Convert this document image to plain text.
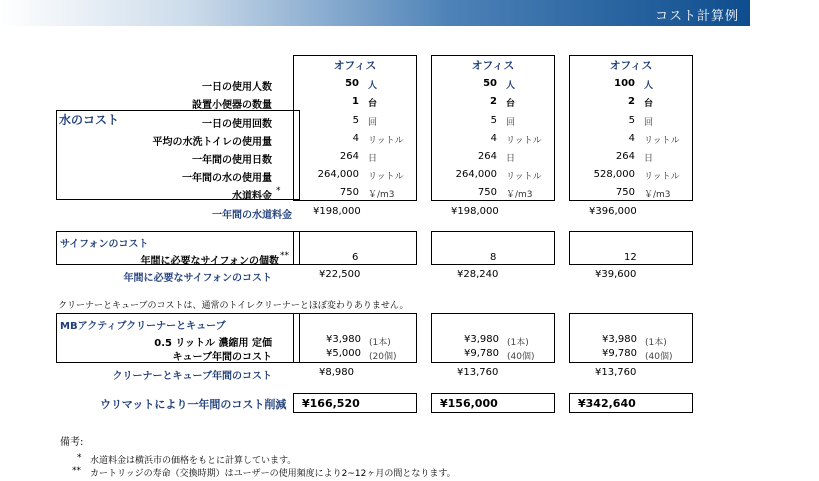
コスト計算例
オフィス	オフィス	オフィス
一日の使用人数	50 人	50 人	100 人
設置小便器の数量	1 台	2 台	2 台
水のコスト	一日の使用回数	5 回	5 回	5 回
平均の水洗トイレの使用量	4 リットル	4 リットル	4 リットル
一年間の使用日数	264 日	264 日	264 日
一年間の水の使用量	264,000 リットル	264,000 リットル	528,000 リットル
水道料金 *	750 ￥/m3	750 ￥/m3	750 ￥/m3
一年間の水道料金 ¥198,000	¥198,000	¥396,000
サイフォンのコスト
年間に必要なサイフォンの個数 **	6	8	12
年間に必要なサイフォンのコスト	¥22,500	¥28,240	¥39,600
クリーナーとキューブのコストは、通常のトイレクリーナーとほぼ変わりありません。
MBアクティブクリーナーとキューブ
0.5 リットル 濃縮用 定価	¥3,980 (1本)	¥3,980 (1本)	¥3,980 (1本)
キューブ年間のコスト	¥5,000 (20個)	¥9,780 (40個)	¥9,780 (40個)
クリーナーとキューブ年間のコスト	¥8,980	¥13,760	¥13,760
ウリマットにより一年間のコスト削減 ¥166,520	¥156,000	¥342,640
備考:
* 水道料金は横浜市の価格をもとに計算しています。
** カートリッジの寿命（交換時期）はユーザーの使用頻度により2~12ヶ月の間となります。
